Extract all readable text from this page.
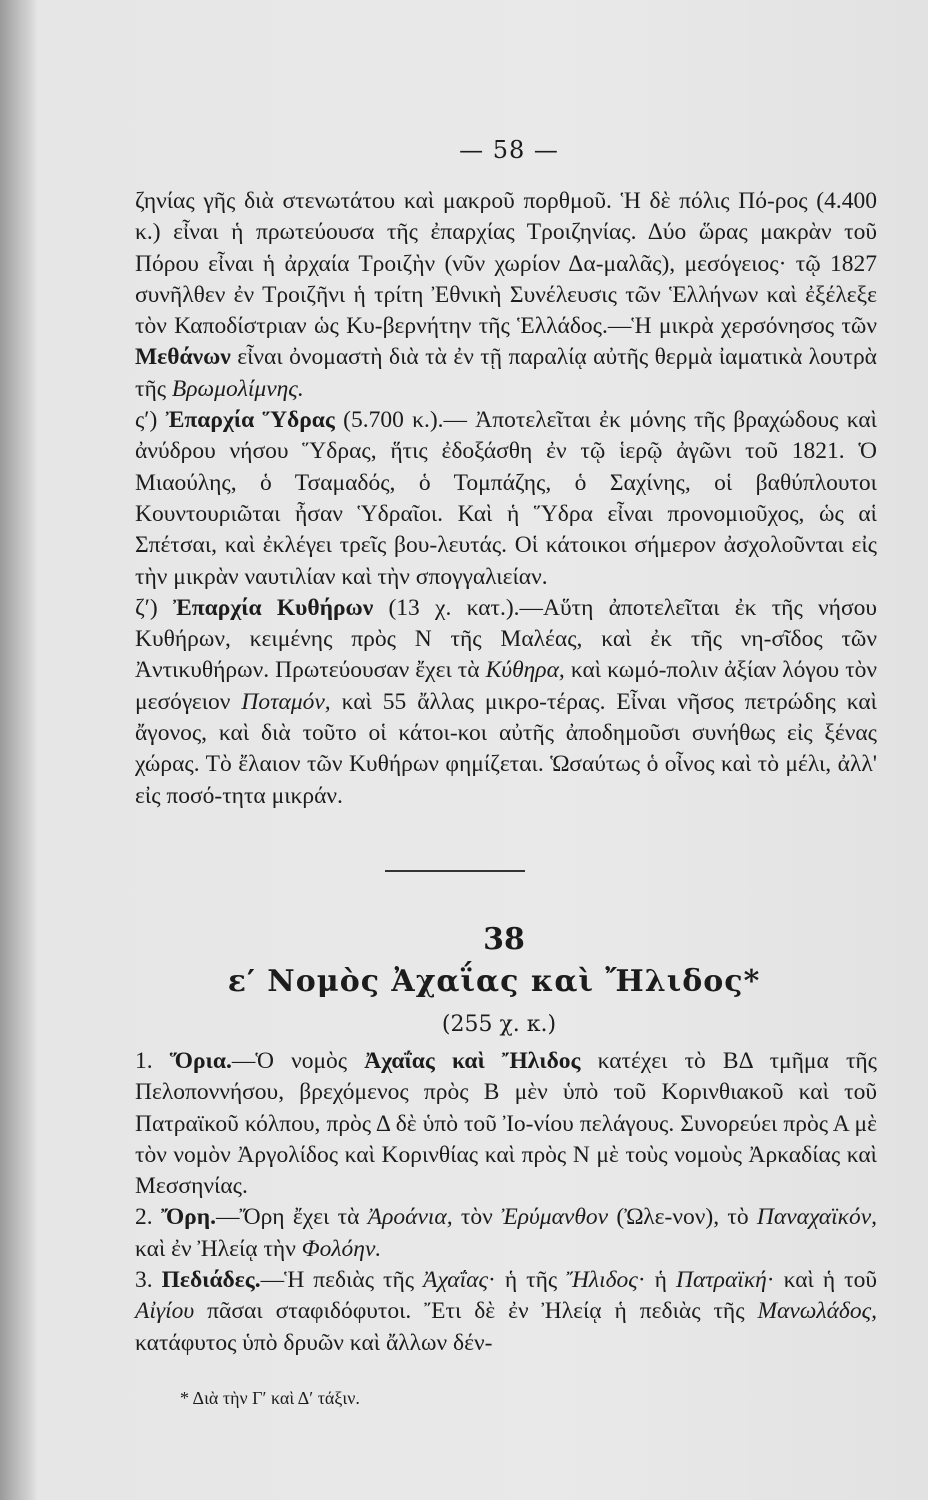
— 58 —

ζηνίας γῆς διὰ στενωτάτου καὶ μακροῦ πορθμοῦ. Ἡ δὲ πόλις Πό-ρος (4.400 κ.) εἶναι ἡ πρωτεύουσα τῆς ἐπαρχίας Τροιζηνίας. Δύο ὥρας μακρὰν τοῦ Πόρου εἶναι ἡ ἀρχαία Τροιζὴν (νῦν χωρίον Δα-μαλᾶς), μεσόγειος· τῷ 1827 συνῆλθεν ἐν Τροιζῆνι ἡ τρίτη Ἐθνικὴ Συνέλευσις τῶν Ἑλλήνων καὶ ἐξέλεξε τὸν Καποδίστριαν ὡς Κυ-βερνήτην τῆς Ἑλλάδος.—Ἡ μικρὰ χερσόνησος τῶν Μεθάνων εἶναι ὀνομαστὴ διὰ τὰ ἐν τῇ παραλίᾳ αὐτῆς θερμὰ ἰαματικὰ λουτρὰ τῆς Βρωμολίμνης.

ς′) Ἐπαρχία Ὕδρας (5.700 κ.).— Ἀποτελεῖται ἐκ μόνης τῆς βραχώδους καὶ ἀνύδρου νήσου Ὕδρας, ἥτις ἐδοξάσθη ἐν τῷ ἱερῷ ἀγῶνι τοῦ 1821. Ὁ Μιαούλης, ὁ Τσαμαδός, ὁ Τομπάζης, ὁ Σαχίνης, οἱ βαθύπλουτοι Κουντουριῶται ἦσαν Ὑδραῖοι. Καὶ ἡ Ὕδρα εἶναι προνομιοῦχος, ὡς αἱ Σπέτσαι, καὶ ἐκλέγει τρεῖς βου-λευτάς. Οἱ κάτοικοι σήμερον ἀσχολοῦνται εἰς τὴν μικρὰν ναυτιλίαν καὶ τὴν σπογγαλιείαν.

ζ′) Ἐπαρχία Κυθήρων (13 χ. κατ.).—Αὕτη ἀποτελεῖται ἐκ τῆς νήσου Κυθήρων, κειμένης πρὸς Ν τῆς Μαλέας, καὶ ἐκ τῆς νη-σῖδος τῶν Ἀντικυθήρων. Πρωτεύουσαν ἔχει τὰ Κύθηρα, καὶ κωμό-πολιν ἀξίαν λόγου τὸν μεσόγειον Ποταμόν, καὶ 55 ἄλλας μικρο-τέρας. Εἶναι νῆσος πετρώδης καὶ ἄγονος, καὶ διὰ τοῦτο οἱ κάτοι-κοι αὐτῆς ἀποδημοῦσι συνήθως εἰς ξένας χώρας. Τὸ ἔλαιον τῶν Κυθήρων φημίζεται. Ὡσαύτως ὁ οἶνος καὶ τὸ μέλι, ἀλλ' εἰς ποσό-τητα μικράν.

38
ε′ Νομὸς Ἀχαΐας καὶ Ἤλιδος*
(255 χ. κ.)

1. Ὅρια.—Ὁ νομὸς Ἀχαΐας καὶ Ἤλιδος κατέχει τὸ ΒΔ τμῆμα τῆς Πελοποννήσου, βρεχόμενος πρὸς Β μὲν ὑπὸ τοῦ Κορινθιακοῦ καὶ τοῦ Πατραϊκοῦ κόλπου, πρὸς Δ δὲ ὑπὸ τοῦ Ἰο-νίου πελάγους. Συνορεύει πρὸς Α μὲ τὸν νομὸν Ἀργολίδος καὶ Κορινθίας καὶ πρὸς Ν μὲ τοὺς νομοὺς Ἀρκαδίας καὶ Μεσσηνίας.

2. Ὄρη.—Ὄρη ἔχει τὰ Ἀροάνια, τὸν Ἐρύμανθον (Ὠλε-νον), τὸ Παναχαϊκόν, καὶ ἐν Ἠλείᾳ τὴν Φολόην.

3. Πεδιάδες.—Ἡ πεδιὰς τῆς Ἀχαΐας· ἡ τῆς Ἤλιδος· ἡ Πατραϊκή· καὶ ἡ τοῦ Αἰγίου πᾶσαι σταφιδόφυτοι. Ἔτι δὲ ἐν Ἠλείᾳ ἡ πεδιὰς τῆς Μανωλάδος, κατάφυτος ὑπὸ δρυῶν καὶ ἄλλων δέν-

* Διὰ τὴν Γ′ καὶ Δ′ τάξιν.
